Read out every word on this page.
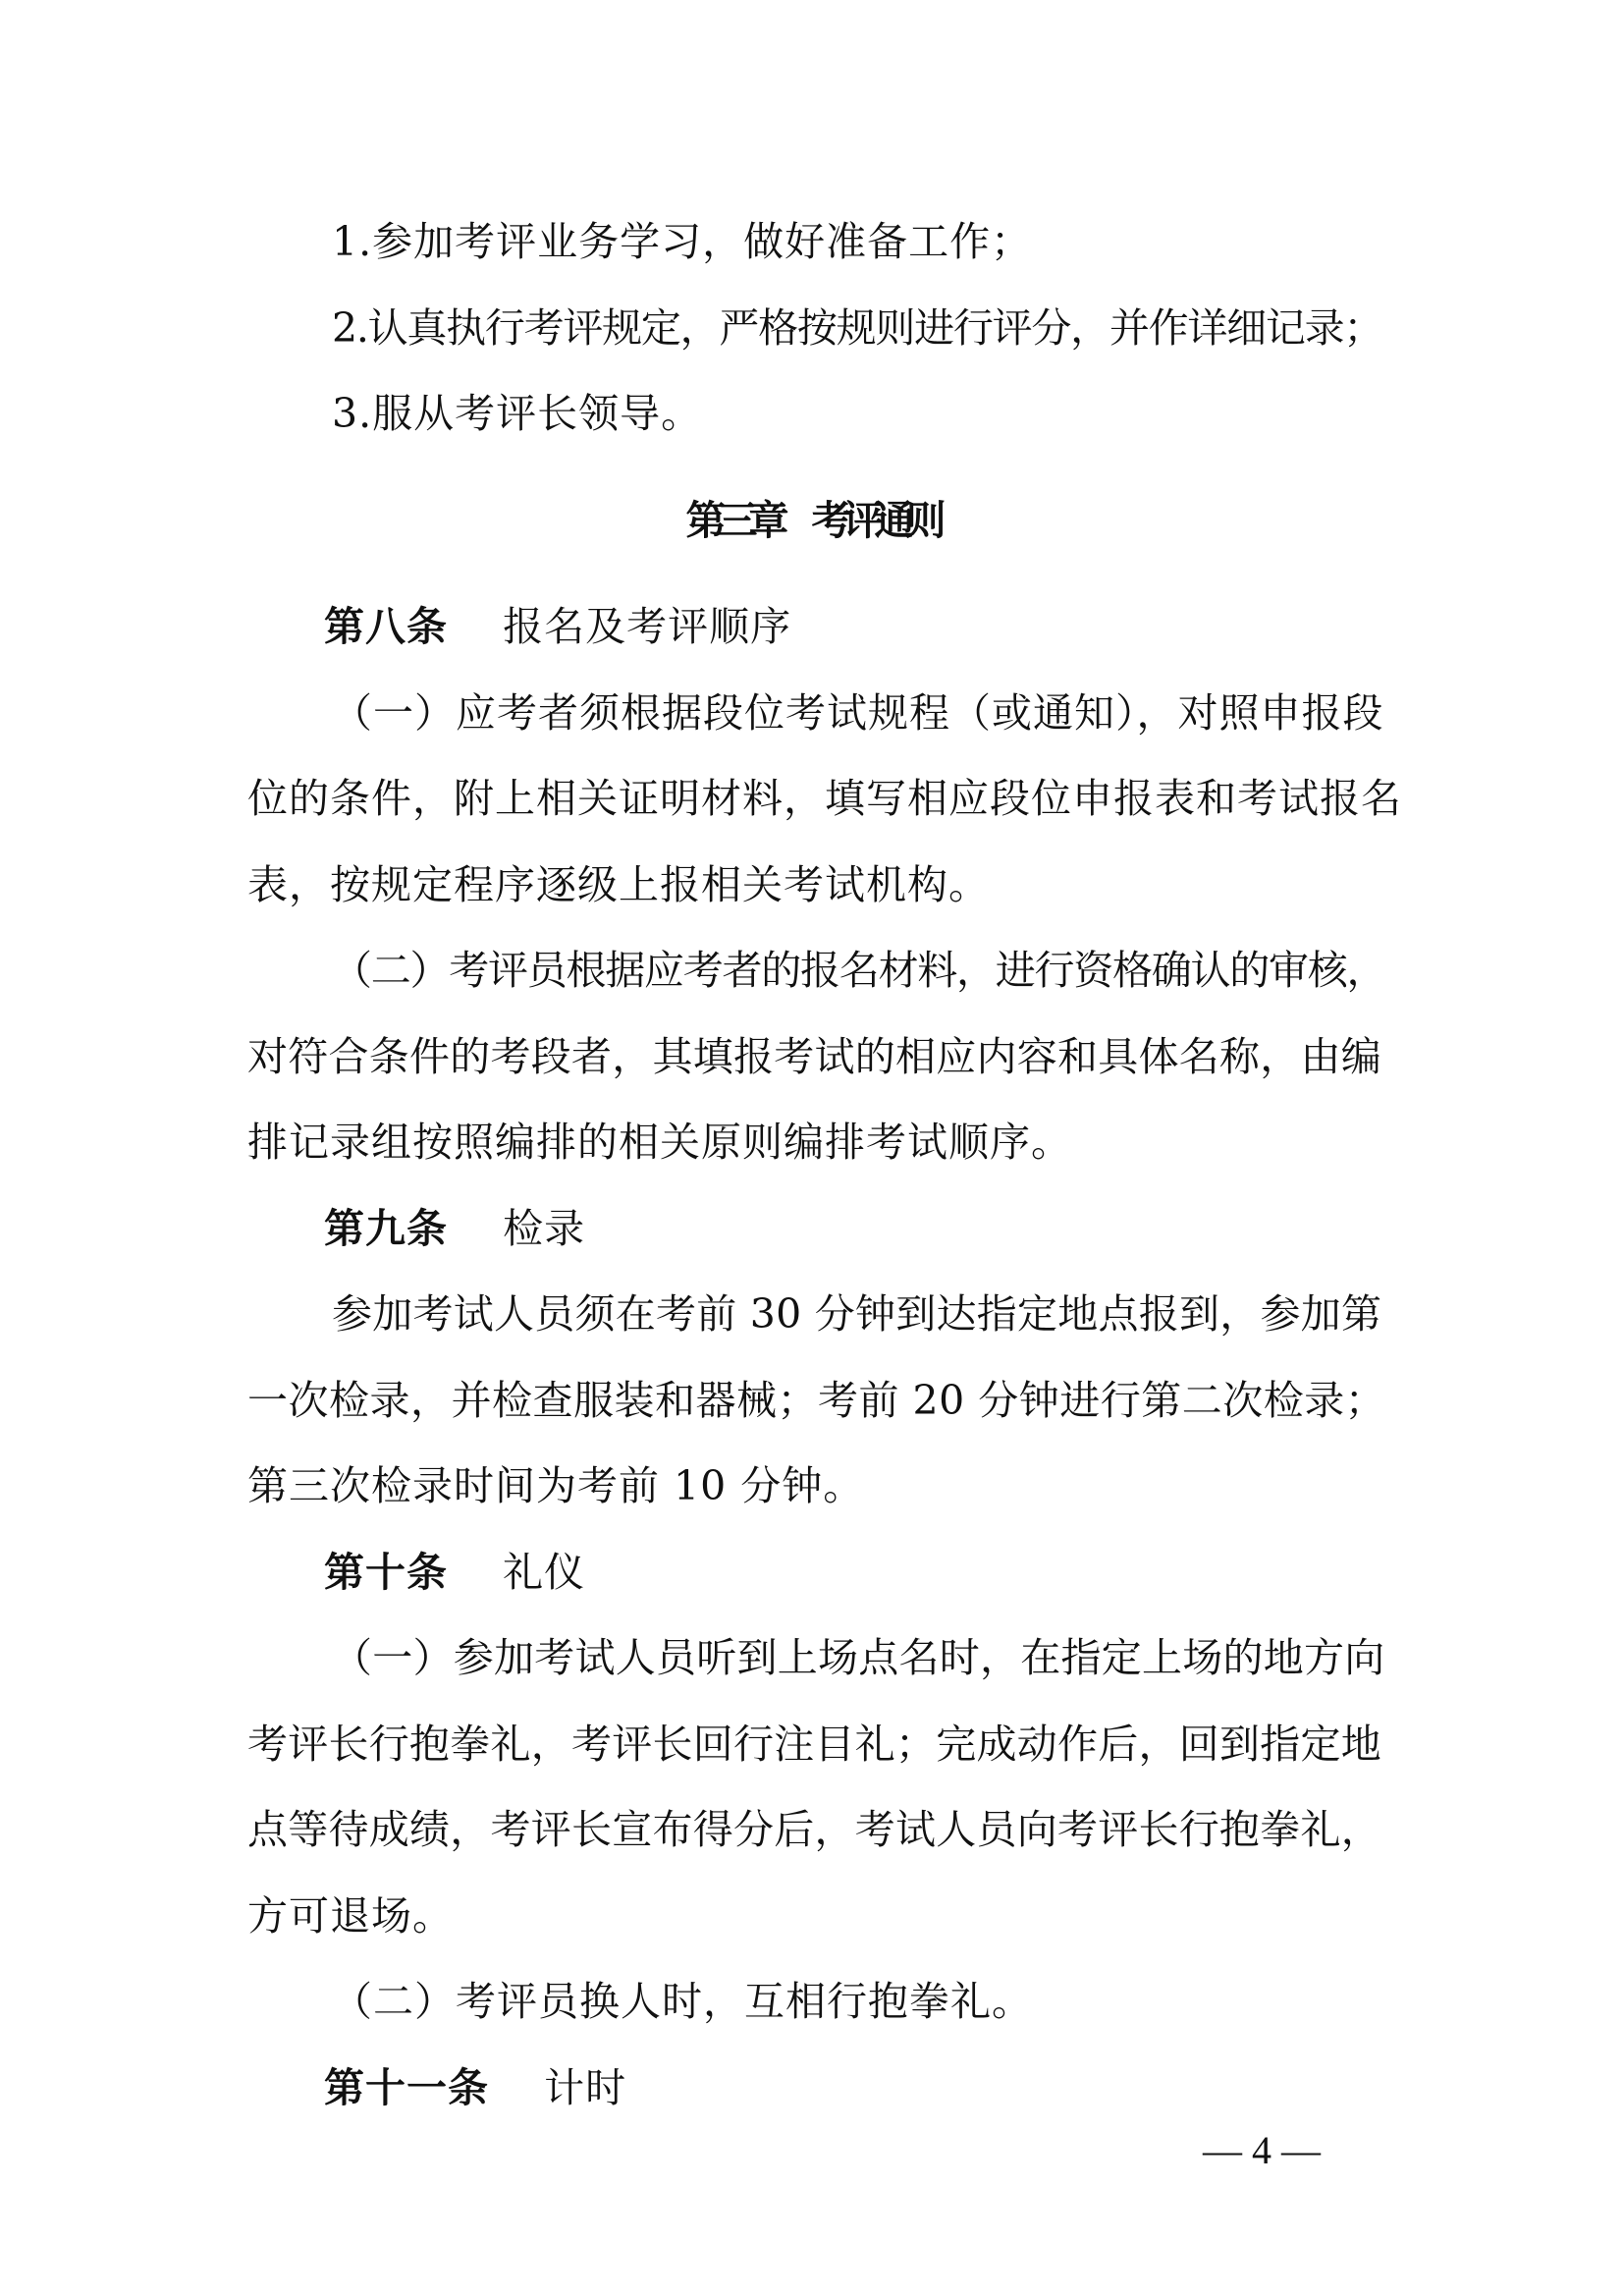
1.参加考评业务学习，做好准备工作；
2.认真执行考评规定，严格按规则进行评分，并作详细记录；
3.服从考评长领导。
第三章　考评通则
第八条 报名及考评顺序
（一）应考者须根据段位考试规程（或通知），对照申报段
位的条件，附上相关证明材料，填写相应段位申报表和考试报名
表，按规定程序逐级上报相关考试机构。
（二）考评员根据应考者的报名材料，进行资格确认的审核，
对符合条件的考段者，其填报考试的相应内容和具体名称，由编
排记录组按照编排的相关原则编排考试顺序。
第九条 检录
参加考试人员须在考前 30 分钟到达指定地点报到，参加第
一次检录，并检查服装和器械；考前 20 分钟进行第二次检录；
第三次检录时间为考前 10 分钟。
第十条 礼仪
（一）参加考试人员听到上场点名时，在指定上场的地方向
考评长行抱拳礼，考评长回行注目礼；完成动作后，回到指定地
点等待成绩，考评长宣布得分后，考试人员向考评长行抱拳礼，
方可退场。
（二）考评员换人时，互相行抱拳礼。
第十一条 计时
— 4 —
